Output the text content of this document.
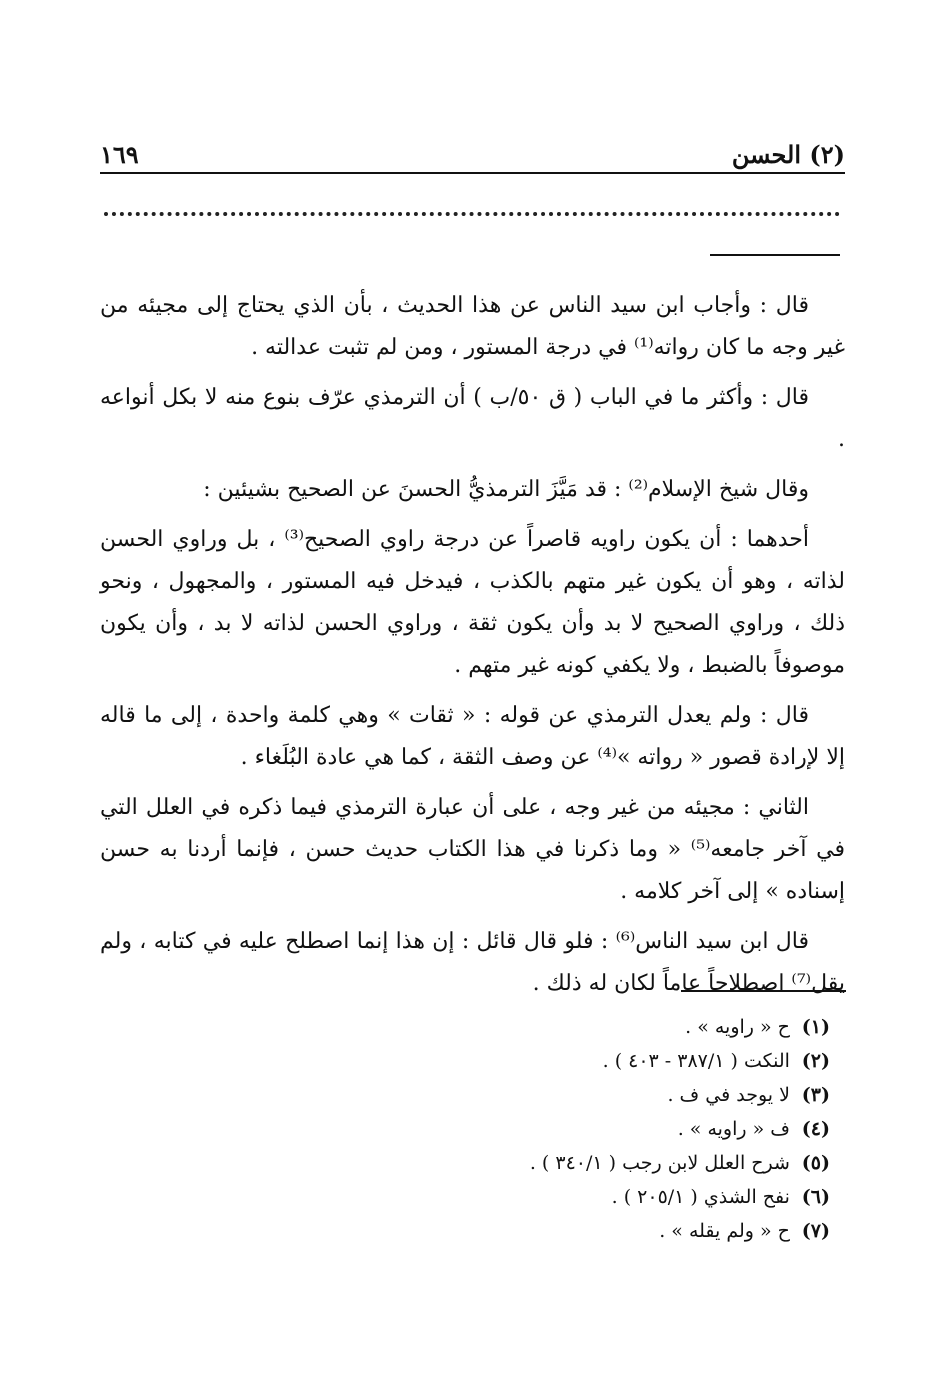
(٢) الحسن
١٦٩

قال : وأجاب ابن سيد الناس عن هذا الحديث ، بأن الذي يحتاج إلى مجيئه من غير وجه ما كان رواته⁽¹⁾ في درجة المستور ، ومن لم تثبت عدالته .

قال : وأكثر ما في الباب ( ق ٥٠/ب ) أن الترمذي عرّف بنوع منه لا بكل أنواعه .

وقال شيخ الإسلام⁽²⁾ : قد مَيَّزَ الترمذيُّ الحسنَ عن الصحيح بشيئين :

أحدهما : أن يكون راويه قاصراً عن درجة راوي الصحيح⁽³⁾ ، بل وراوي الحسن لذاته ، وهو أن يكون غير متهم بالكذب ، فيدخل فيه المستور ، والمجهول ، ونحو ذلك ، وراوي الصحيح لا بد وأن يكون ثقة ، وراوي الحسن لذاته لا بد ، وأن يكون موصوفاً بالضبط ، ولا يكفي كونه غير متهم .

قال : ولم يعدل الترمذي عن قوله : « ثقات » وهي كلمة واحدة ، إلى ما قاله إلا لإرادة قصور « رواته »⁽⁴⁾ عن وصف الثقة ، كما هي عادة البُلَغاء .

الثاني : مجيئه من غير وجه ، على أن عبارة الترمذي فيما ذكره في العلل التي في آخر جامعه⁽⁵⁾ « وما ذكرنا في هذا الكتاب حديث حسن ، فإنما أردنا به حسن إسناده » إلى آخر كلامه .

قال ابن سيد الناس⁽⁶⁾ : فلو قال قائل : إن هذا إنما اصطلح عليه في كتابه ، ولم يقل⁽⁷⁾ اصطلاحاً عاماً لكان له ذلك .

(١) ح « راويه » .
(٢) النكت ( ٣٨٧/١ - ٤٠٣ ) .
(٣) لا يوجد في ف .
(٤) ف « راويه » .
(٥) شرح العلل لابن رجب ( ٣٤٠/١ ) .
(٦) نفح الشذي ( ٢٠٥/١ ) .
(٧) ح « ولم يقله » .
